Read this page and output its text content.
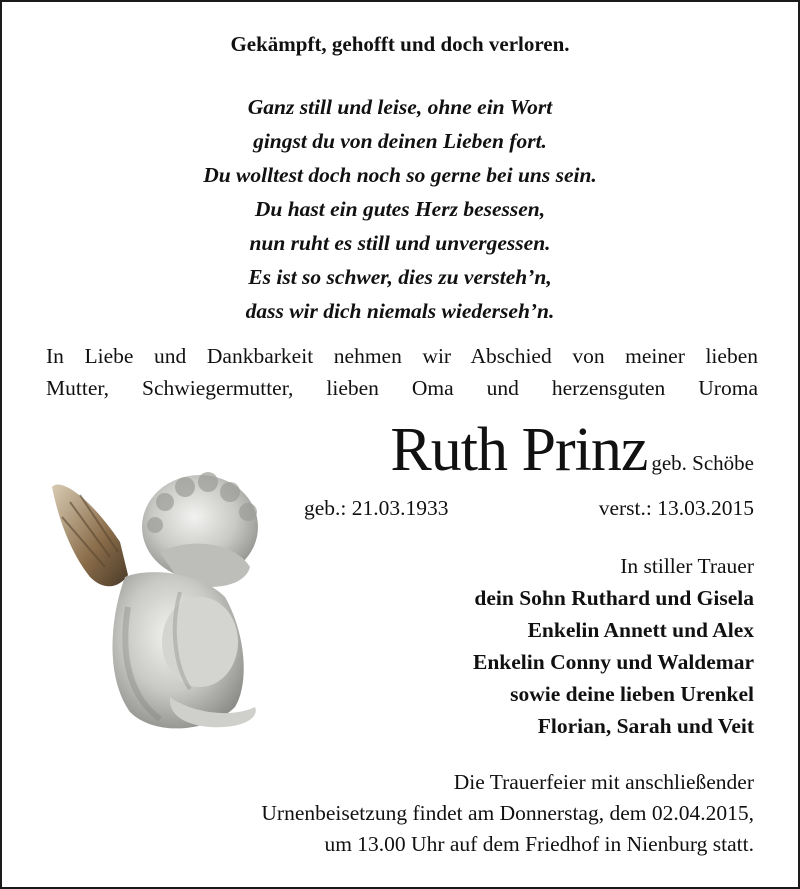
Gekämpft, gehofft und doch verloren.
Ganz still und leise, ohne ein Wort
gingst du von deinen Lieben fort.
Du wolltest doch noch so gerne bei uns sein.
Du hast ein gutes Herz besessen,
nun ruht es still und unvergessen.
Es ist so schwer, dies zu versteh’n,
dass wir dich niemals wiederseh’n.
In Liebe und Dankbarkeit nehmen wir Abschied von meiner lieben
Mutter, Schwiegermutter, lieben Oma und herzensguten Uroma
Ruth Prinz geb. Schöbe
geb.: 21.03.1933	verst.: 13.03.2015
In stiller Trauer
dein Sohn Ruthard und Gisela
Enkelin Annett und Alex
Enkelin Conny und Waldemar
sowie deine lieben Urenkel
Florian, Sarah und Veit
Die Trauerfeier mit anschließender
Urnenbeisetzung findet am Donnerstag, dem 02.04.2015,
um 13.00 Uhr auf dem Friedhof in Nienburg statt.
